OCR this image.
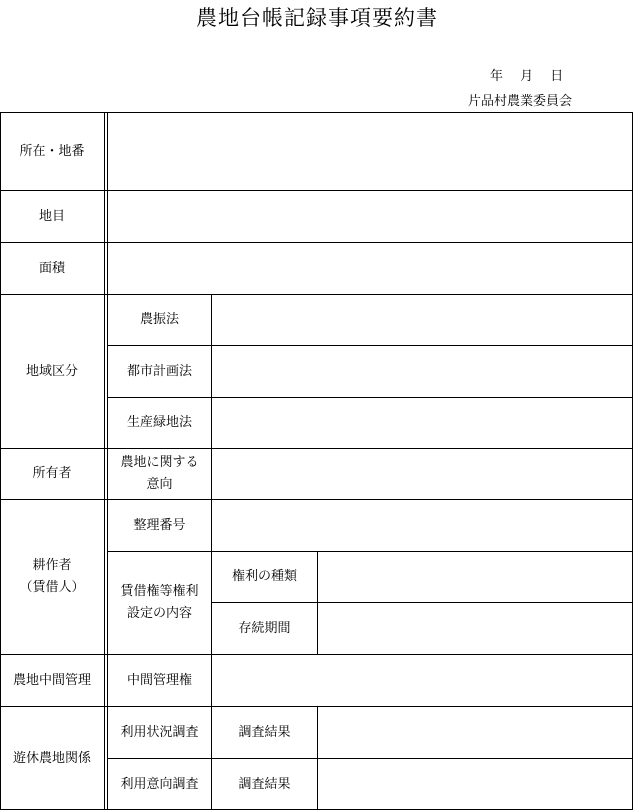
農地台帳記録事項要約書
年　 月　 日
片品村農業委員会
所在・地番
地目
面積
地域区分
所有者
耕作者
（賃借人）
農地中間管理
遊休農地関係
農振法
都市計画法
生産緑地法
農地に関する
意向
整理番号
賃借権等権利
設定の内容
中間管理権
利用状況調査
利用意向調査
権利の種類
存続期間
調査結果
調査結果
